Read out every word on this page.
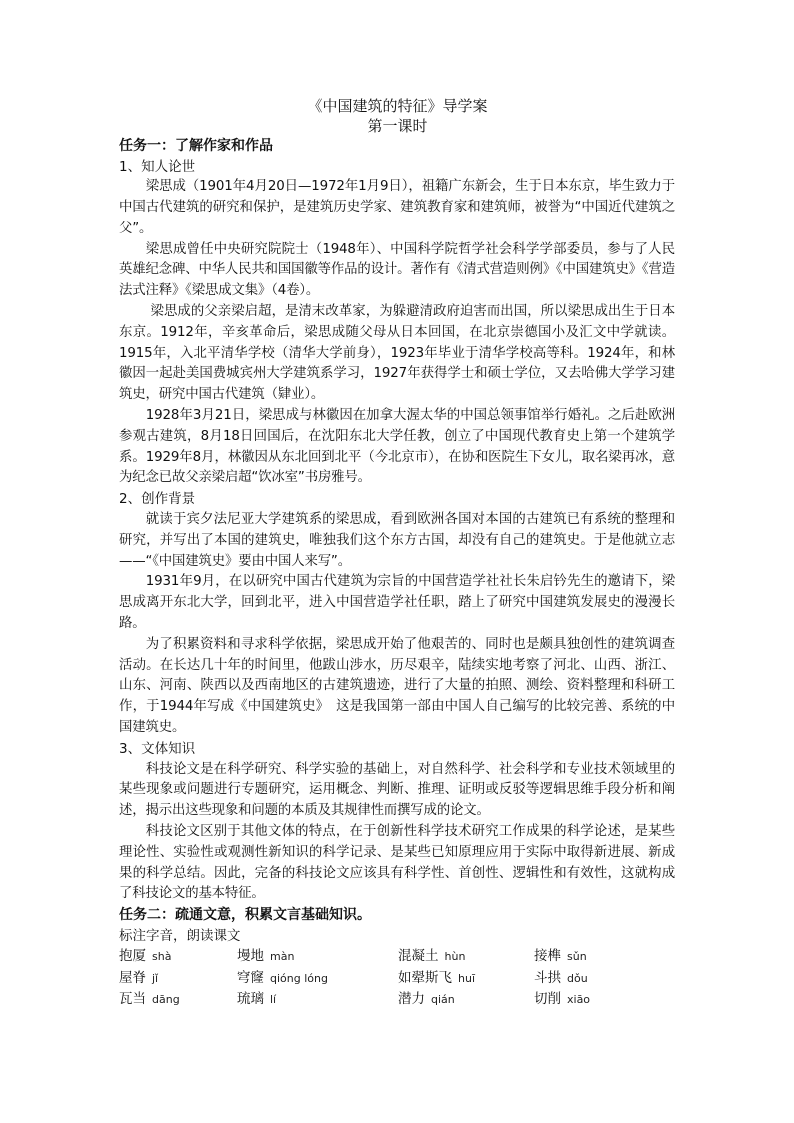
《中国建筑的特征》导学案
第一课时
任务一：了解作家和作品
1、知人论世

梁思成（1901年4月20日—1972年1月9日），祖籍广东新会，生于日本东京，毕生致力于中国古代建筑的研究和保护，是建筑历史学家、建筑教育家和建筑师，被誉为“中国近代建筑之父”。

梁思成曾任中央研究院院士（1948年）、中国科学院哲学社会科学学部委员，参与了人民英雄纪念碑、中华人民共和国国徽等作品的设计。著作有《清式营造则例》《中国建筑史》《营造法式注释》《梁思成文集》（4卷）。

梁思成的父亲梁启超，是清末改革家，为躲避清政府迫害而出国，所以梁思成出生于日本东京。1912年，辛亥革命后，梁思成随父母从日本回国，在北京崇德国小及汇文中学就读。1915年，入北平清华学校（清华大学前身），1923年毕业于清华学校高等科。1924年，和林徽因一起赴美国费城宾州大学建筑系学习，1927年获得学士和硕士学位，又去哈佛大学学习建筑史，研究中国古代建筑（肄业）。

1928年3月21日，梁思成与林徽因在加拿大渥太华的中国总领事馆举行婚礼。之后赴欧洲参观古建筑，8月18日回国后，在沈阳东北大学任教，创立了中国现代教育史上第一个建筑学系。1929年8月，林徽因从东北回到北平（今北京市），在协和医院生下女儿，取名梁再冰，意为纪念已故父亲梁启超“饮冰室”书房雅号。

2、创作背景

就读于宾夕法尼亚大学建筑系的梁思成，看到欧洲各国对本国的古建筑已有系统的整理和研究，并写出了本国的建筑史，唯独我们这个东方古国，却没有自己的建筑史。于是他就立志——“《中国建筑史》要由中国人来写”。

1931年9月，在以研究中国古代建筑为宗旨的中国营造学社社长朱启钤先生的邀请下，梁思成离开东北大学，回到北平，进入中国营造学社任职，踏上了研究中国建筑发展史的漫漫长路。

为了积累资料和寻求科学依据，梁思成开始了他艰苦的、同时也是颇具独创性的建筑调查活动。在长达几十年的时间里，他跋山涉水，历尽艰辛，陆续实地考察了河北、山西、浙江、山东、河南、陕西以及西南地区的古建筑遗迹，进行了大量的拍照、测绘、资料整理和科研工作，于1944年写成《中国建筑史》　这是我国第一部由中国人自己编写的比较完善、系统的中国建筑史。

3、文体知识

科技论文是在科学研究、科学实验的基础上，对自然科学、社会科学和专业技术领域里的某些现象或问题进行专题研究，运用概念、判断、推理、证明或反驳等逻辑思维手段分析和阐述，揭示出这些现象和问题的本质及其规律性而撰写成的论文。

科技论文区别于其他文体的特点，在于创新性科学技术研究工作成果的科学论述，是某些理论性、实验性或观测性新知识的科学记录、是某些已知原理应用于实际中取得新进展、新成果的科学总结。因此，完备的科技论文应该具有科学性、首创性、逻辑性和有效性，这就构成了科技论文的基本特征。

任务二：疏通文意，积累文言基础知识。
标注字音，朗读课文
抱厦 shà	墁地 màn	混凝土 hùn	接榫 sǔn
屋脊 jǐ	穹窿 qióng lóng	如翚斯飞 huī	斗拱 dǒu
瓦当 dāng	琉璃 lí	潜力 qián	切削 xiāo
